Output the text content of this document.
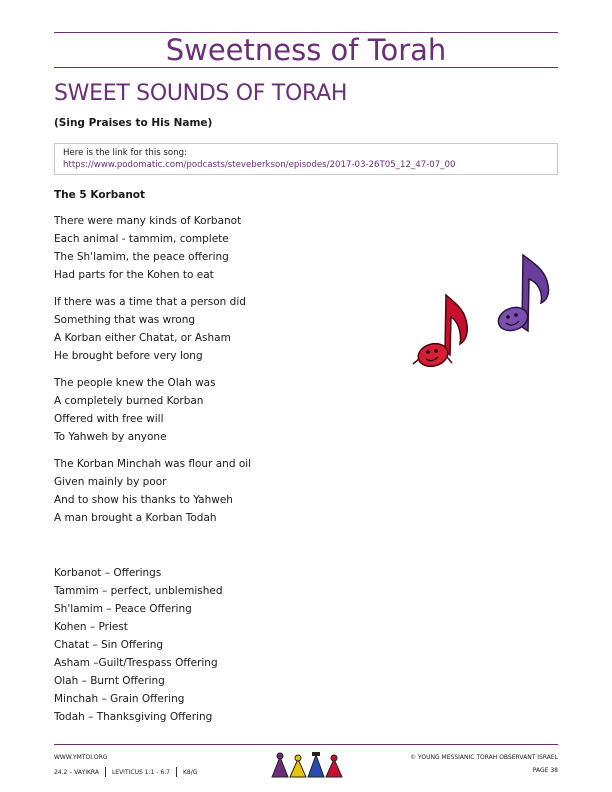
Sweetness of Torah
SWEET SOUNDS OF TORAH
(Sing Praises to His Name)
Here is the link for this song:
https://www.podomatic.com/podcasts/steveberkson/episodes/2017-03-26T05_12_47-07_00
The 5 Korbanot
There were many kinds of Korbanot
Each animal - tammim, complete
The Sh'lamim, the peace offering
Had parts for the Kohen to eat
If there was a time that a person did
Something that was wrong
A Korban either Chatat, or Asham
He brought before very long
The people knew the Olah was
A completely burned Korban
Offered with free will
To Yahweh by anyone
The Korban Minchah was flour and oil
Given mainly by poor
And to show his thanks to Yahweh
A man brought a Korban Todah
Korbanot – Offerings
Tammim – perfect, unblemished
Sh'lamim – Peace Offering
Kohen – Priest
Chatat – Sin Offering
Asham –Guilt/Trespass Offering
Olah – Burnt Offering
Minchah – Grain Offering
Todah – Thanksgiving Offering
WWW.YMTOI.ORG
24.2 – VAYIKRA LEVITICUS 1:1 - 6:7 K8/G
© YOUNG MESSIANIC TORAH OBSERVANT ISRAEL
PAGE 38
